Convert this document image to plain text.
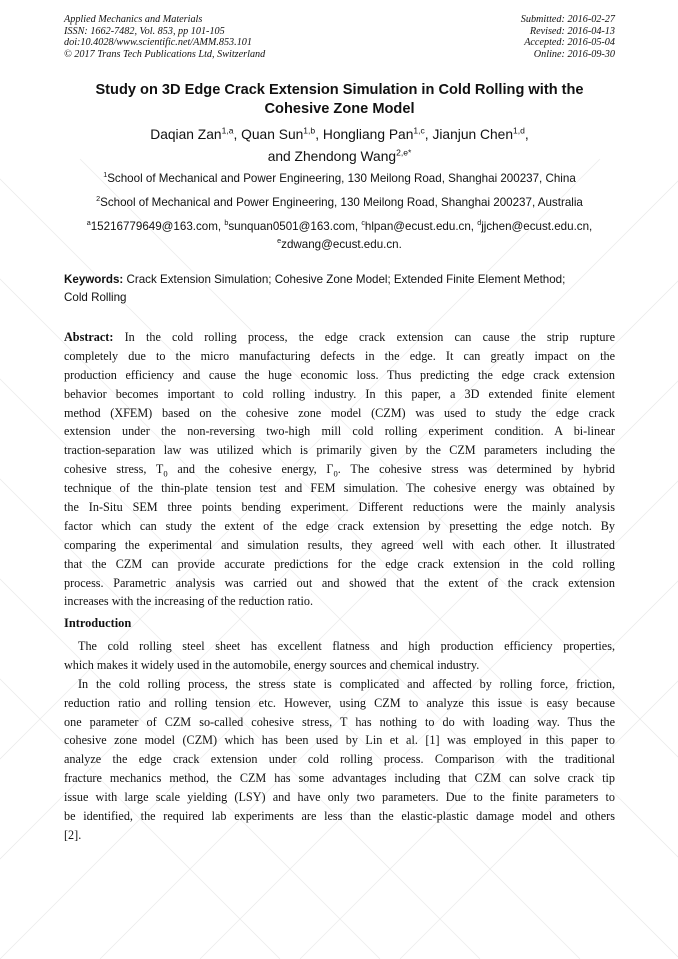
Applied Mechanics and Materials
ISSN: 1662-7482, Vol. 853, pp 101-105
doi:10.4028/www.scientific.net/AMM.853.101
© 2017 Trans Tech Publications Ltd, Switzerland
Submitted: 2016-02-27
Revised: 2016-04-13
Accepted: 2016-05-04
Online: 2016-09-30
Study on 3D Edge Crack Extension Simulation in Cold Rolling with the
Cohesive Zone Model
Daqian Zan$^{1,a}$, Quan Sun$^{1,b}$, Hongliang Pan$^{1,c}$, Jianjun Chen$^{1,d}$,
and Zhendong Wang$^{2,e*}$
$^1$School of Mechanical and Power Engineering, 130 Meilong Road, Shanghai 200237, China
$^2$School of Mechanical and Power Engineering, 130 Meilong Road, Shanghai 200237, Australia
$^a$15216779649@163.com, $^b$sunquan0501@163.com, $^c$hlpan@ecust.edu.cn, $^d$jjchen@ecust.edu.cn,
$^e$zdwang@ecust.edu.cn.
Keywords: Crack Extension Simulation; Cohesive Zone Model; Extended Finite Element Method;
Cold Rolling
Abstract: In the cold rolling process, the edge crack extension can cause the strip rupture
completely due to the micro manufacturing defects in the edge. It can greatly impact on the
production efficiency and cause the huge economic loss. Thus predicting the edge crack extension
behavior becomes important to cold rolling industry. In this paper, a 3D extended finite element
method (XFEM) based on the cohesive zone model (CZM) was used to study the edge crack
extension under the non-reversing two-high mill cold rolling experiment condition. A bi-linear
traction-separation law was utilized which is primarily given by the CZM parameters including the
cohesive stress, $T_0$ and the cohesive energy, $\Gamma_0$. The cohesive stress was determined by hybrid
technique of the thin-plate tension test and FEM simulation. The cohesive energy was obtained by
the In-Situ SEM three points bending experiment. Different reductions were the mainly analysis
factor which can study the extent of the edge crack extension by presetting the edge notch. By
comparing the experimental and simulation results, they agreed well with each other. It illustrated
that the CZM can provide accurate predictions for the edge crack extension in the cold rolling
process. Parametric analysis was carried out and showed that the extent of the crack extension
increases with the increasing of the reduction ratio.
Introduction
The cold rolling steel sheet has excellent flatness and high production efficiency properties,
which makes it widely used in the automobile, energy sources and chemical industry.
In the cold rolling process, the stress state is complicated and affected by rolling force, friction,
reduction ratio and rolling tension etc. However, using CZM to analyze this issue is easy because
one parameter of CZM so-called cohesive stress, T has nothing to do with loading way. Thus the
cohesive zone model (CZM) which has been used by Lin et al. [1] was employed in this paper to
analyze the edge crack extension under cold rolling process. Comparison with the traditional
fracture mechanics method, the CZM has some advantages including that CZM can solve crack tip
issue with large scale yielding (LSY) and have only two parameters. Due to the finite parameters to
be identified, the required lab experiments are less than the elastic-plastic damage model and others
[2].
